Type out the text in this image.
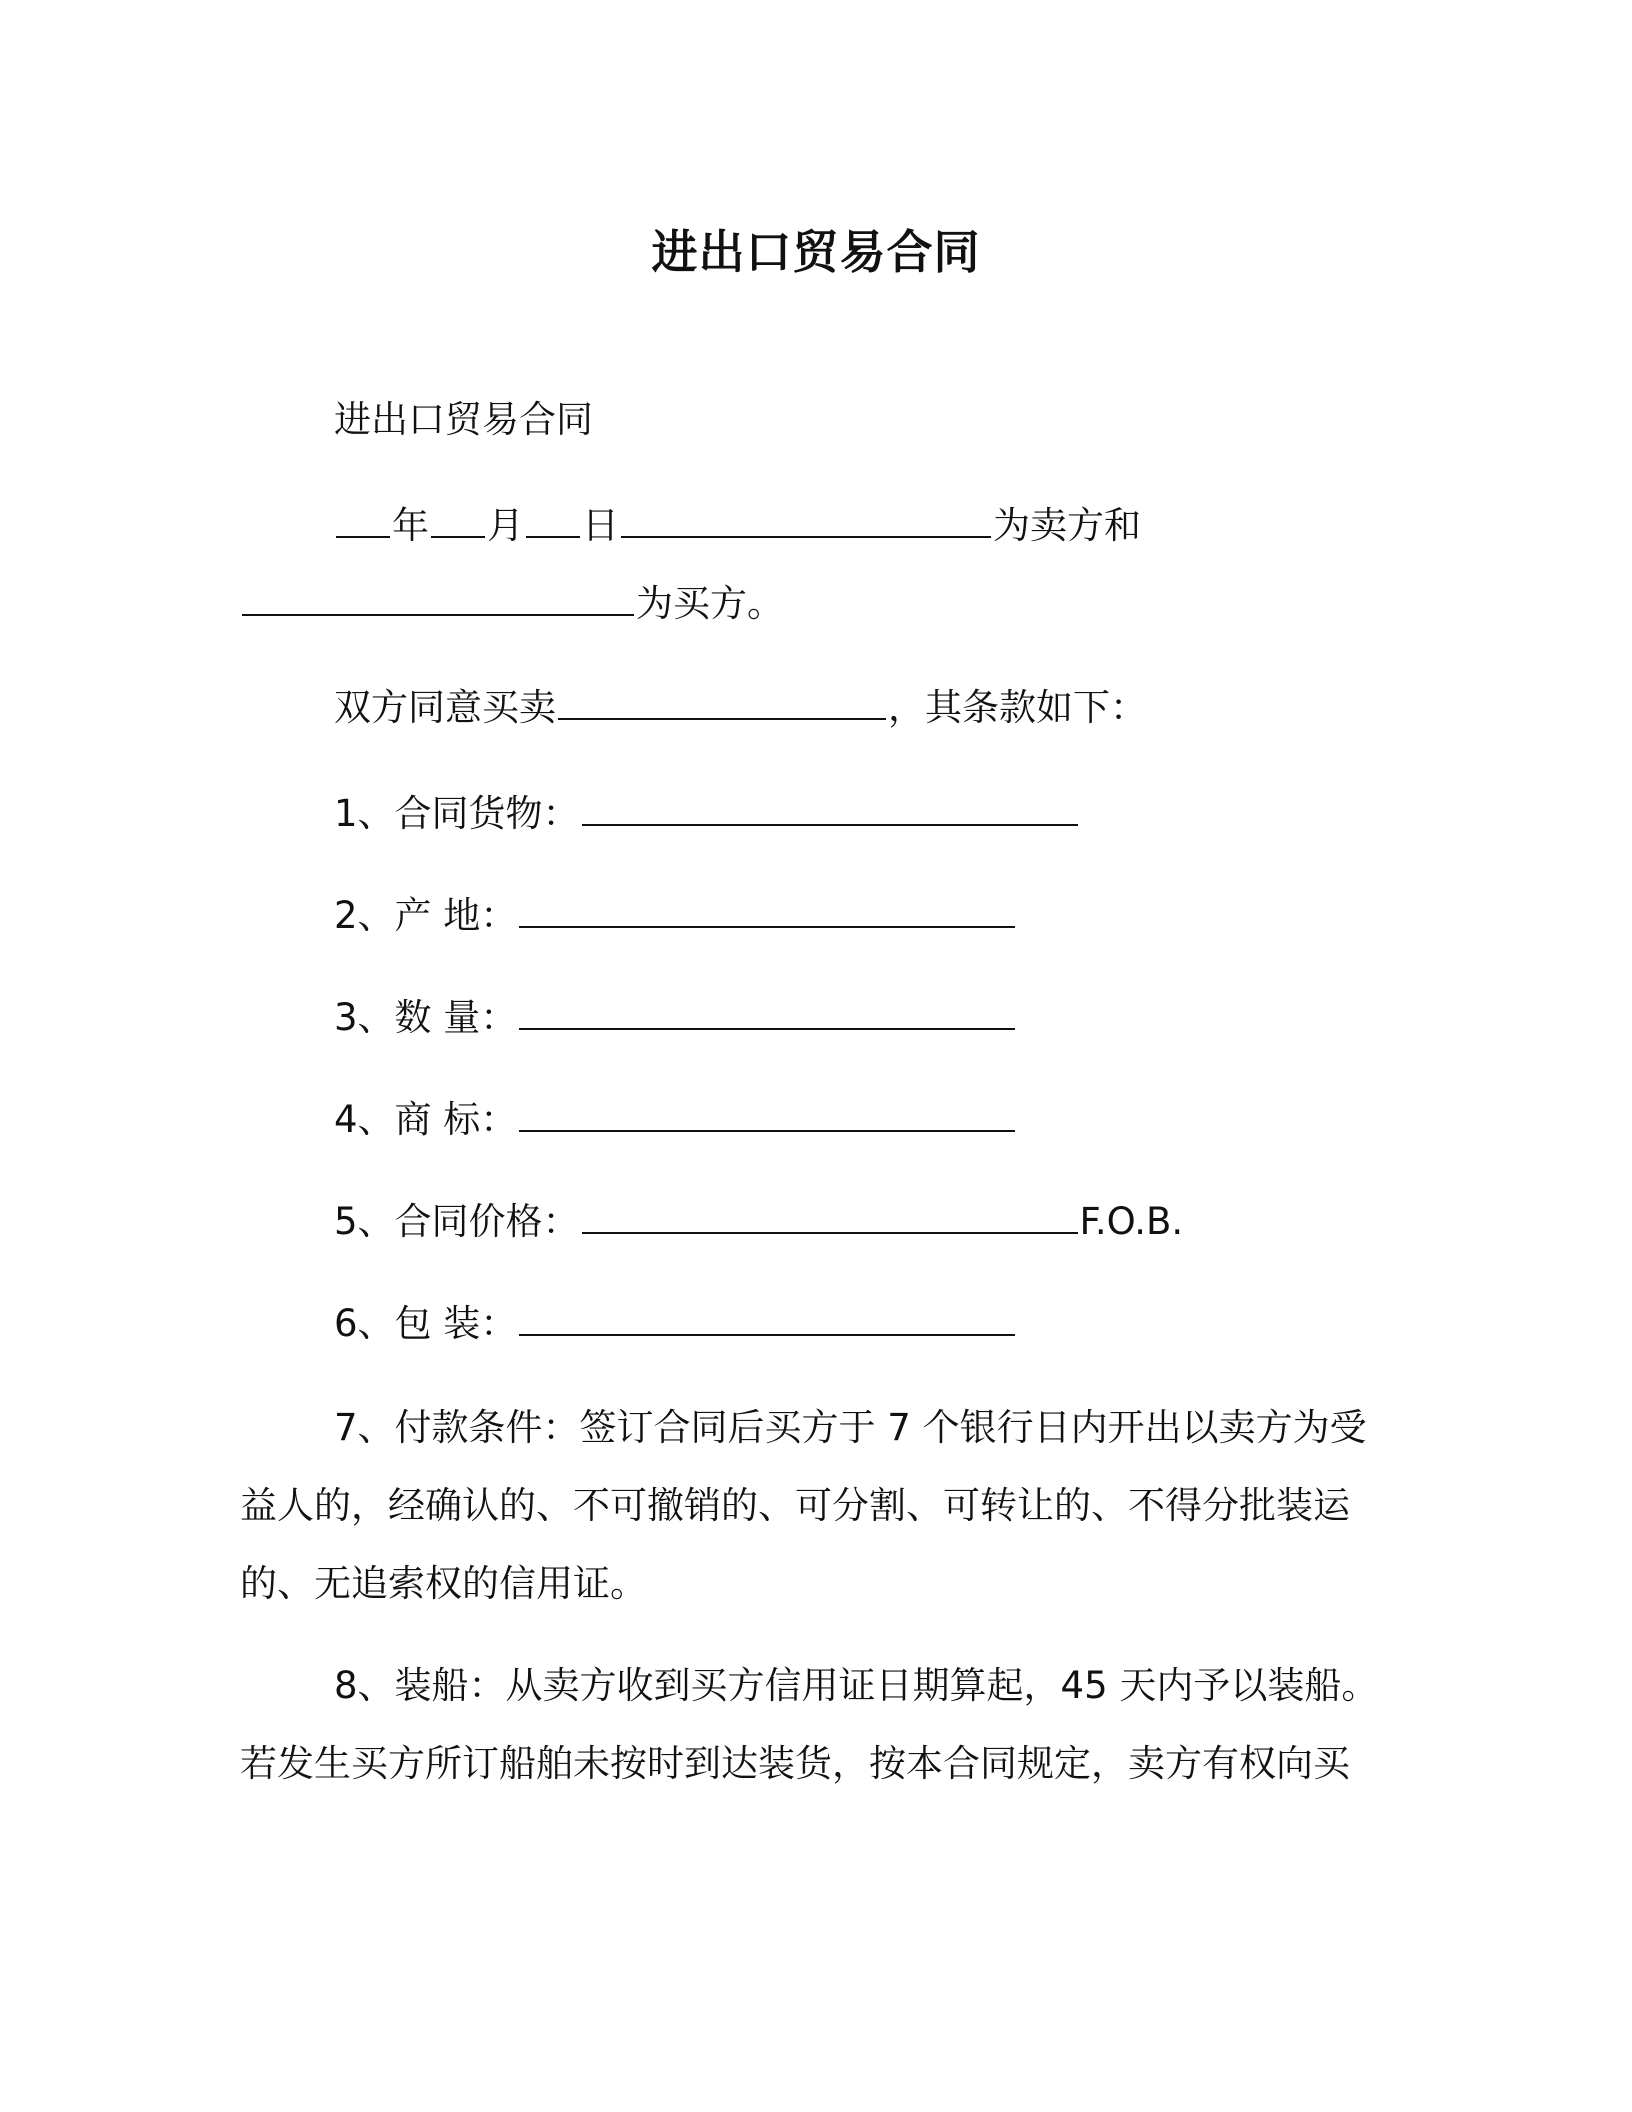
进出口贸易合同
进出口贸易合同
年 月 日	为卖方和
为买方。
双方同意买卖	，其条款如下：
1、合同货物：
2、产 地：
3、数 量：
4、商 标：
5、合同价格：	F.O.B.
6、包 装：
7、付款条件：签订合同后买方于 7 个银行日内开出以卖方为受
益人的，经确认的、不可撤销的、可分割、可转让的、不得分批装运
的、无追索权的信用证。
8、装船：从卖方收到买方信用证日期算起，45 天内予以装船。
若发生买方所订船舶未按时到达装货，按本合同规定，卖方有权向买
